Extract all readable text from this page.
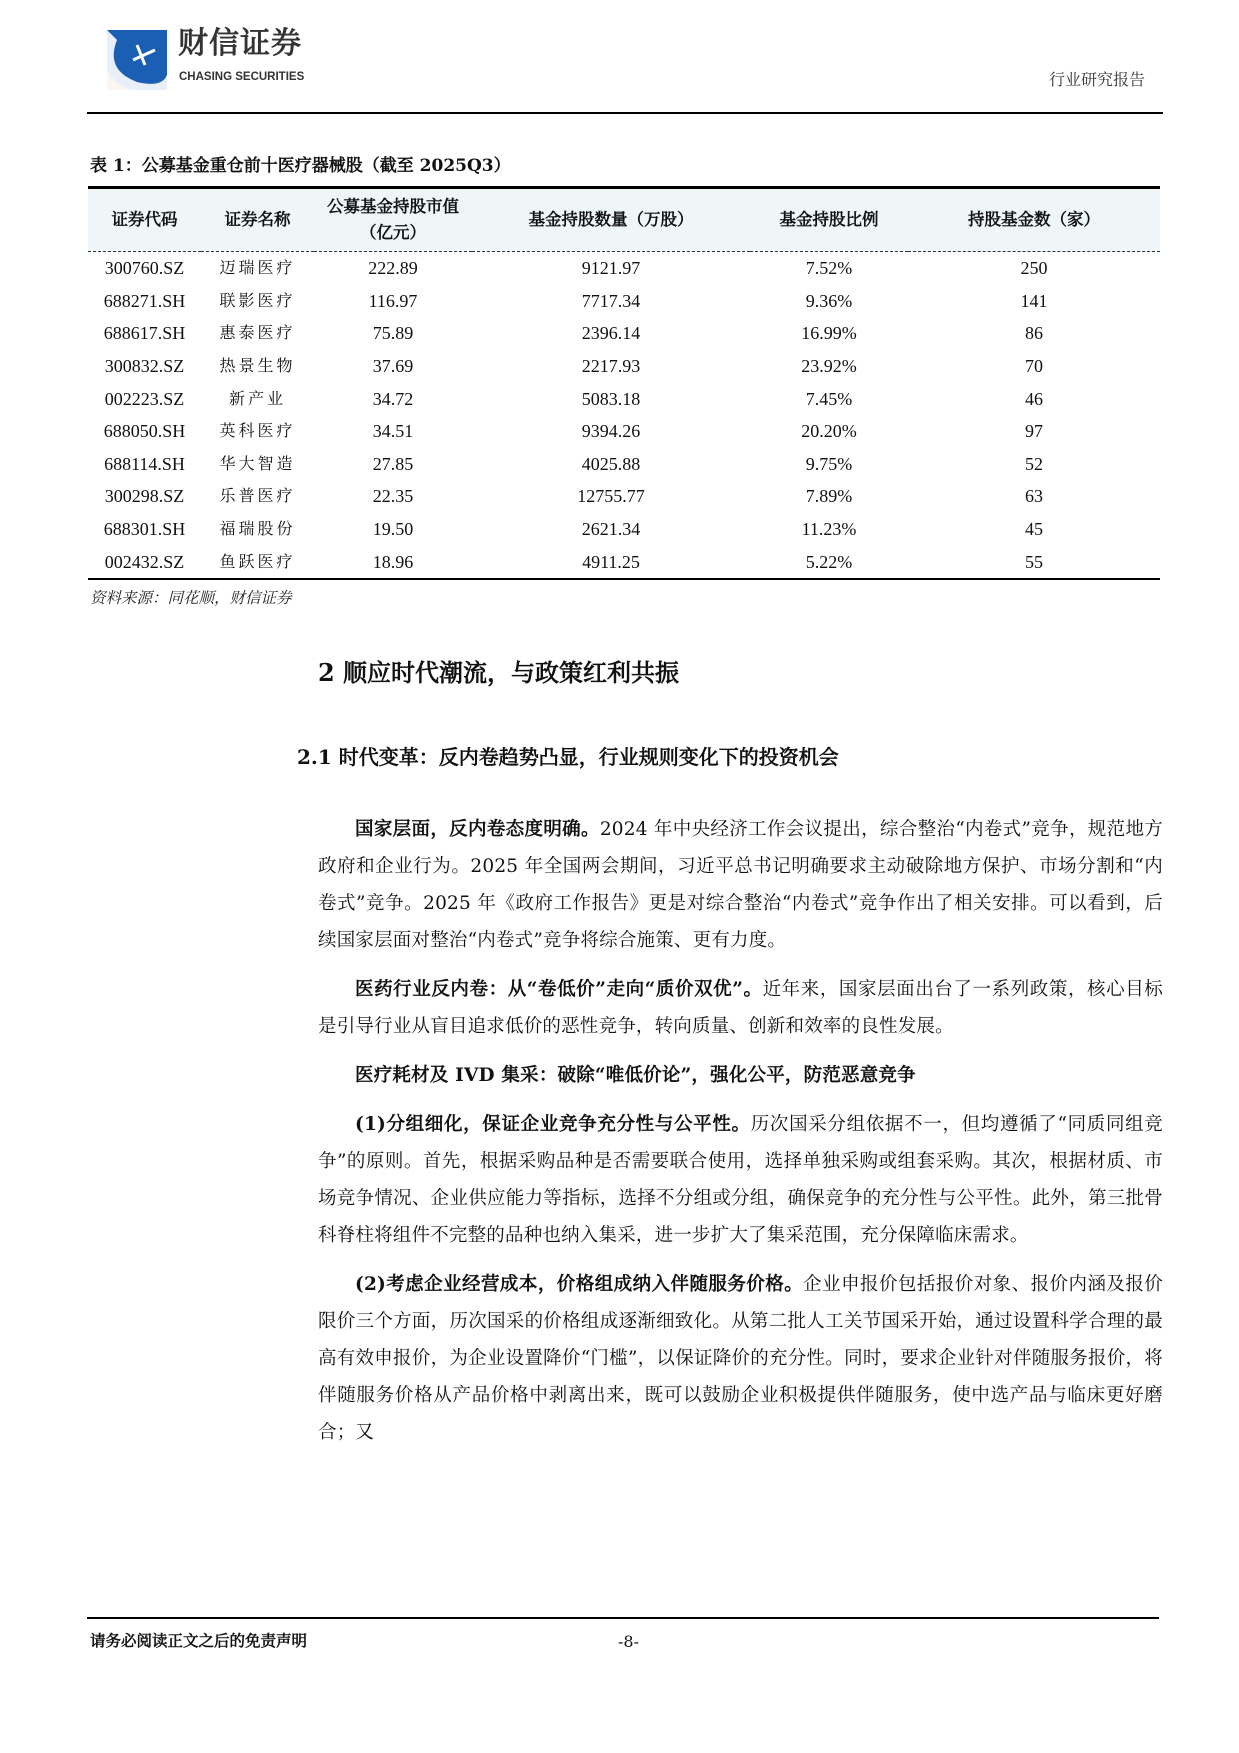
财信证券
CHASING SECURITIES	行业研究报告
表 1：公募基金重仓前十医疗器械股（截至 2025Q3）
证券代码	证券名称	公募基金持股市值（亿元）	基金持股数量（万股）	基金持股比例	持股基金数（家）
300760.SZ	迈瑞医疗	222.89	9121.97	7.52%	250
688271.SH	联影医疗	116.97	7717.34	9.36%	141
688617.SH	惠泰医疗	75.89	2396.14	16.99%	86
300832.SZ	热景生物	37.69	2217.93	23.92%	70
002223.SZ	新产业	34.72	5083.18	7.45%	46
688050.SH	英科医疗	34.51	9394.26	20.20%	97
688114.SH	华大智造	27.85	4025.88	9.75%	52
300298.SZ	乐普医疗	22.35	12755.77	7.89%	63
688301.SH	福瑞股份	19.50	2621.34	11.23%	45
002432.SZ	鱼跃医疗	18.96	4911.25	5.22%	55
资料来源：同花顺，财信证券
2 顺应时代潮流，与政策红利共振
2.1 时代变革：反内卷趋势凸显，行业规则变化下的投资机会
国家层面，反内卷态度明确。2024 年中央经济工作会议提出，综合整治“内卷式”竞争，规范地方政府和企业行为。2025 年全国两会期间，习近平总书记明确要求主动破除地方保护、市场分割和“内卷式”竞争。2025 年《政府工作报告》更是对综合整治“内卷式”竞争作出了相关安排。可以看到，后续国家层面对整治“内卷式”竞争将综合施策、更有力度。
医药行业反内卷：从“卷低价”走向“质价双优”。近年来，国家层面出台了一系列政策，核心目标是引导行业从盲目追求低价的恶性竞争，转向质量、创新和效率的良性发展。
医疗耗材及 IVD 集采：破除“唯低价论”，强化公平，防范恶意竞争
(1)分组细化，保证企业竞争充分性与公平性。历次国采分组依据不一，但均遵循了“同质同组竞争”的原则。首先，根据采购品种是否需要联合使用，选择单独采购或组套采购。其次，根据材质、市场竞争情况、企业供应能力等指标，选择不分组或分组，确保竞争的充分性与公平性。此外，第三批骨科脊柱将组件不完整的品种也纳入集采，进一步扩大了集采范围，充分保障临床需求。
(2)考虑企业经营成本，价格组成纳入伴随服务价格。企业申报价包括报价对象、报价内涵及报价限价三个方面，历次国采的价格组成逐渐细致化。从第二批人工关节国采开始，通过设置科学合理的最高有效申报价，为企业设置降价“门槛”，以保证降价的充分性。同时，要求企业针对伴随服务报价，将伴随服务价格从产品价格中剥离出来，既可以鼓励企业积极提供伴随服务，使中选产品与临床更好磨合；又
请务必阅读正文之后的免责声明	-8-
